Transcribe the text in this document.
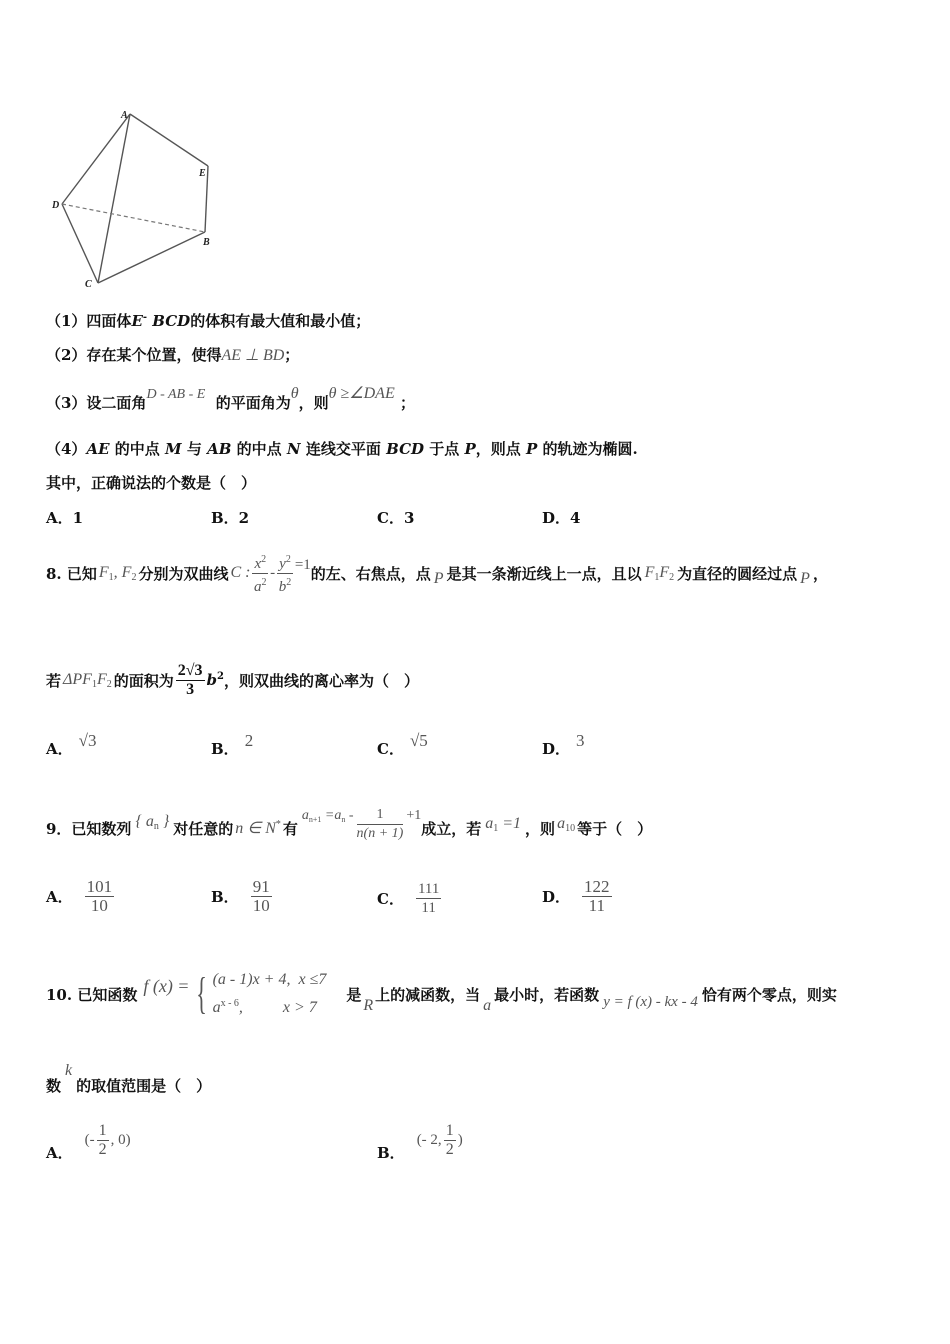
A
E
D
B
C
（1）四面体E- BCD的体积有最大值和最小值；
（2）存在某个位置，使得AE ⊥ BD；
（3）设二面角D - AB - E 的平面角为θ，则θ ≥∠DAE ；
（4）AE 的中点 M 与 AB 的中点 N 连线交平面 BCD 于点 P，则点 P 的轨迹为椭圆.
其中，正确说法的个数是（　）
A．1	B．2	C．3	D．4
8. 已知 $F_1$, $F_2$ 分别为双曲线 C : $\frac{x^2}{a^2} - \frac{y^2}{b^2} =1$ 的左、右焦点，点 P 是其一条渐近线上一点，且以 $F_1F_2$ 为直径的圆经过点 P ，
若 $\Delta PF_1F_2$ 的面积为 $\frac{2√3}{3} b^2$ ，则双曲线的离心率为（　）
A． √3	B． 2	C． √5	D． 3
9．已知数列 { $a_n$ } 对任意的 n ∈ N* 有
$a_{n+1} =a_n - \frac{1}{n(n + 1)} +1$
成立，若 $a_1 =1$ ，则 $a_{10}$ 等于（　）
A． $\frac{101}{10}$	B． $\frac{91}{10}$	C． $\frac{111}{11}$	D． $\frac{122}{11}$
10. 已知函数 f (x) = { (a - 1)x + 4, x ≤7
$a^{x - 6}$,	x > 7
是
R
上的减函数，当
a
最小时，若函数 y = f (x) - kx - 4 恰有两个零点，则实
数
k
的取值范围是（　）
A．
(- $\frac{1}{2}$ , 0)
B．
(- 2, $\frac{1}{2}$ )
